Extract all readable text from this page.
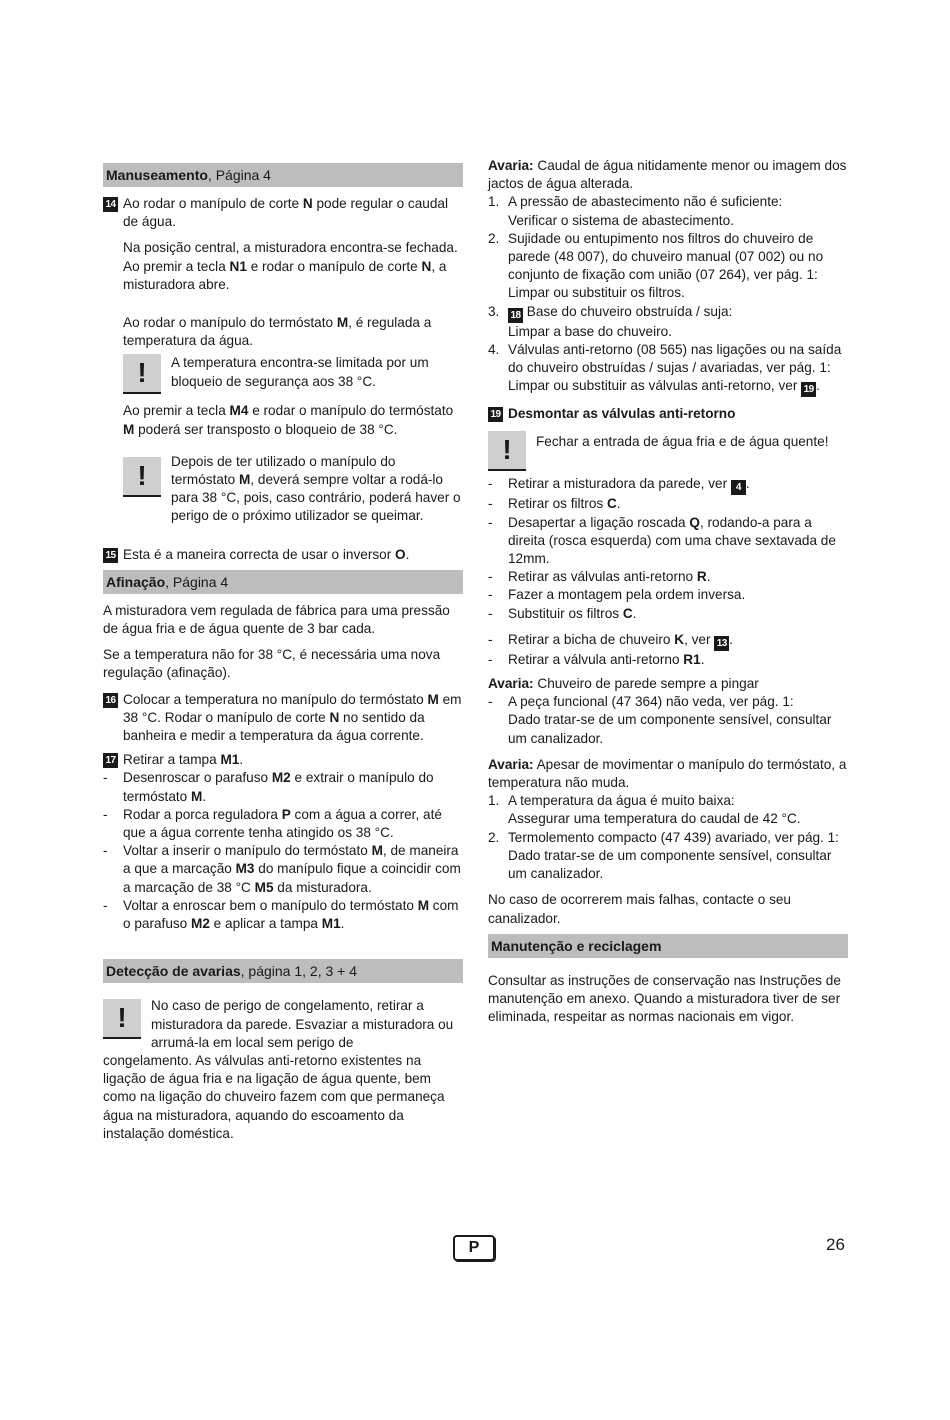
Manuseamento, Página 4
14 Ao rodar o manípulo de corte N pode regular o caudal de água.

Na posição central, a misturadora encontra-se fechada. Ao premir a tecla N1 e rodar o manípulo de corte N, a misturadora abre.

Ao rodar o manípulo do termóstato M, é regulada a temperatura da água.

!	A temperatura encontra-se limitada por um bloqueio de segurança aos 38 °C.

Ao premir a tecla M4 e rodar o manípulo do termóstato M poderá ser transposto o bloqueio de 38 °C.

!	Depois de ter utilizado o manípulo do termóstato M, deverá sempre voltar a rodá-lo para 38 °C, pois, caso contrário, poderá haver o perigo de o próximo utilizador se queimar.

15 Esta é a maneira correcta de usar o inversor O.

Afinação, Página 4

A misturadora vem regulada de fábrica para uma pressão de água fria e de água quente de 3 bar cada.

Se a temperatura não for 38 °C, é necessária uma nova regulação (afinação).

16 Colocar a temperatura no manípulo do termóstato M em 38 °C. Rodar o manípulo de corte N no sentido da banheira e medir a temperatura da água corrente.

17 Retirar a tampa M1.

-	Desenroscar o parafuso M2 e extrair o manípulo do termóstato M.

-	Rodar a porca reguladora P com a água a correr, até que a água corrente tenha atingido os 38 °C.

-	Voltar a inserir o manípulo do termóstato M, de maneira a que a marcação M3 do manípulo fique a coincidir com a marcação de 38 °C M5 da misturadora.

-	Voltar a enroscar bem o manípulo do termóstato M com o parafuso M2 e aplicar a tampa M1.

Detecção de avarias, página 1, 2, 3 + 4
!	No caso de perigo de congelamento, retirar a misturadora da parede. Esvaziar a misturadora ou arrumá-la em local sem perigo de

congelamento. As válvulas anti-retorno existentes na ligação de água fria e na ligação de água quente, bem como na ligação do chuveiro fazem com que permaneça água na misturadora, aquando do escoamento da instalação doméstica.

Avaria: Caudal de água nitidamente menor ou imagem dos jactos de água alterada.

1. A pressão de abastecimento não é suficiente:
Verificar o sistema de abastecimento.

2. Sujidade ou entupimento nos filtros do chuveiro de parede (48 007), do chuveiro manual (07 002) ou no conjunto de fixação com união (07 264), ver pág. 1:
Limpar ou substituir os filtros.

3.	18 Base do chuveiro obstruída / suja:
Limpar a base do chuveiro.

4. Válvulas anti-retorno (08 565) nas ligações ou na saída do chuveiro obstruídas / sujas / avariadas, ver pág. 1:
Limpar ou substituir as válvulas anti-retorno, ver 19 .

19 Desmontar as válvulas anti-retorno
!	Fechar a entrada de água fria e de água quente!

-	Retirar a misturadora da parede, ver 4 .

-	Retirar os filtros C.

-	Desapertar a ligação roscada Q, rodando-a para a direita (rosca esquerda) com uma chave sextavada de 12mm.

-	Retirar as válvulas anti-retorno R.

-	Fazer a montagem pela ordem inversa.

-	Substituir os filtros C.

-	Retirar a bicha de chuveiro K, ver 13 .

-	Retirar a válvula anti-retorno R1.

Avaria: Chuveiro de parede sempre a pingar

-	A peça funcional (47 364) não veda, ver pág. 1:
Dado tratar-se de um componente sensível, consultar um canalizador.

Avaria: Apesar de movimentar o manípulo do termóstato, a temperatura não muda.

1. A temperatura da água é muito baixa:
Assegurar uma temperatura do caudal de 42 °C.

2. Termolemento compacto (47 439) avariado, ver pág. 1:
Dado tratar-se de um componente sensível, consultar um canalizador.

No caso de ocorrerem mais falhas, contacte o seu canalizador.

Manutenção e reciclagem

Consultar as instruções de conservação nas Instruções de manutenção em anexo. Quando a misturadora tiver de ser eliminada, respeitar as normas nacionais em vigor.

P	26
